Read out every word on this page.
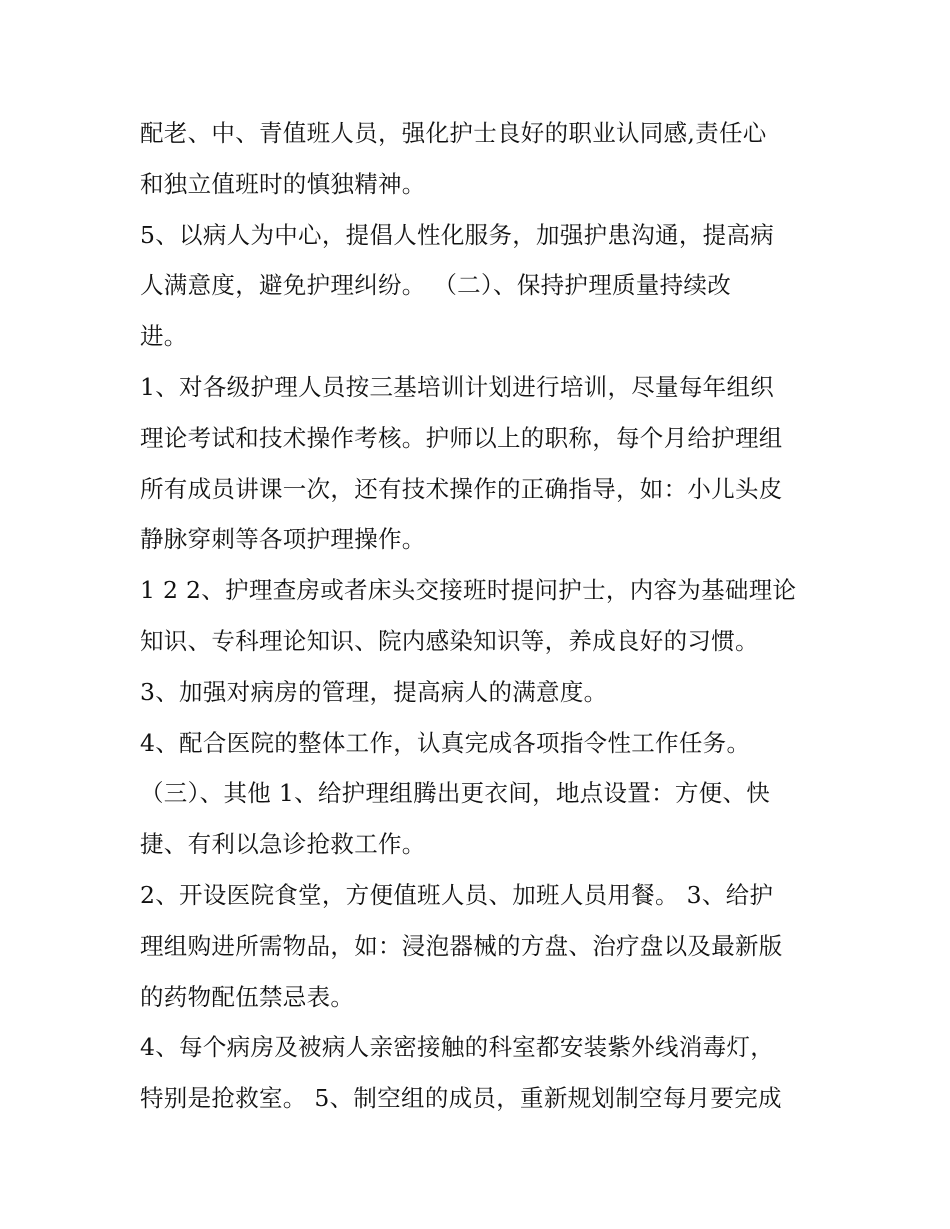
配老、中、青值班人员，强化护士良好的职业认同感,责任心
和独立值班时的慎独精神。
5、以病人为中心，提倡人性化服务，加强护患沟通，提高病
人满意度，避免护理纠纷。 （二）、保持护理质量持续改
进。
1、对各级护理人员按三基培训计划进行培训，尽量每年组织
理论考试和技术操作考核。护师以上的职称，每个月给护理组
所有成员讲课一次，还有技术操作的正确指导，如：小儿头皮
静脉穿刺等各项护理操作。
1 2 2、护理查房或者床头交接班时提问护士，内容为基础理论
知识、专科理论知识、院内感染知识等，养成良好的习惯。
3、加强对病房的管理，提高病人的满意度。
4、配合医院的整体工作，认真完成各项指令性工作任务。
（三）、其他 1、给护理组腾出更衣间，地点设置：方便、快
捷、有利以急诊抢救工作。
2、开设医院食堂，方便值班人员、加班人员用餐。 3、给护
理组购进所需物品，如：浸泡器械的方盘、治疗盘以及最新版
的药物配伍禁忌表。
4、每个病房及被病人亲密接触的科室都安装紫外线消毒灯，
特别是抢救室。 5、制空组的成员，重新规划制空每月要完成
